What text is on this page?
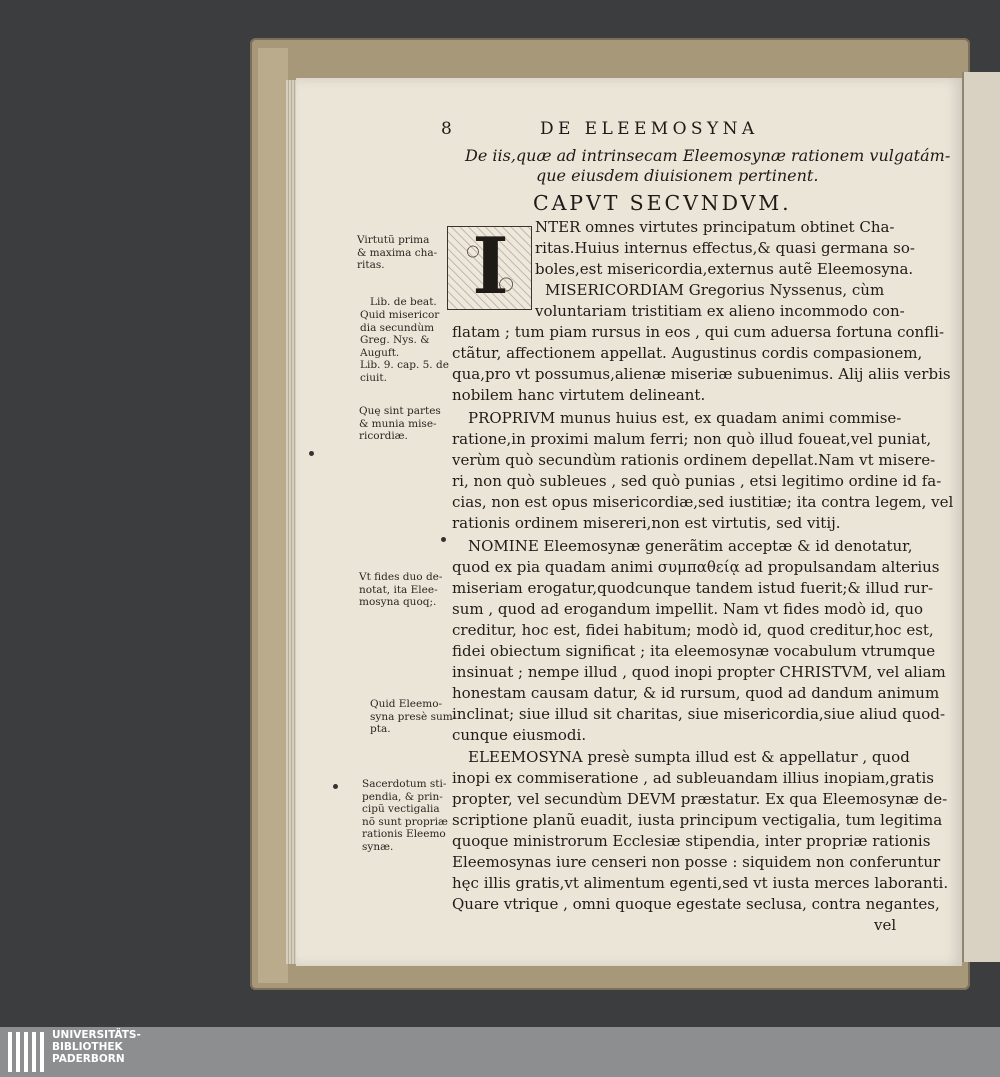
8	DE ELEEMOSYNA
De iis,quæ ad intrinsecam Eleemosynæ rationem vulgatám-
que eiusdem diuisionem pertinent.
CAPVT SECVNDVM.
I	NTER omnes virtutes principatum obtinet Cha-
ritas.Huius internus effectus,& quasi germana so-
boles,est misericordia,externus autẽ Eleemosyna.
MISERICORDIAM Gregorius Nyssenus, cùm
voluntariam tristitiam ex alieno incommodo con-
flatam ; tum piam rursus in eos , qui cum aduersa fortuna confli-
ctãtur, affectionem appellat. Augustinus cordis compasionem,
qua,pro vt possumus,alienæ miseriæ subuenimus. Alij aliis verbis
nobilem hanc virtutem delineant.
PROPRIVM munus huius est, ex quadam animi commise-
ratione,in proximi malum ferri; non quò illud foueat,vel puniat,
verùm quò secundùm rationis ordinem depellat.Nam vt misere-
ri, non quò subleues , sed quò punias , etsi legitimo ordine id fa-
cias, non est opus misericordiæ,sed iustitiæ; ita contra legem, vel
rationis ordinem misereri,non est virtutis, sed vitij.
NOMINE Eleemosynæ generãtim acceptæ & id denotatur,
quod ex pia quadam animi συμπαθείᾳ ad propulsandam alterius
miseriam erogatur,quodcunque tandem istud fuerit;& illud rur-
sum , quod ad erogandum impellit. Nam vt fides modò id, quo
creditur, hoc est, fidei habitum; modò id, quod creditur,hoc est,
fidei obiectum significat ; ita eleemosynæ vocabulum vtrumque
insinuat ; nempe illud , quod inopi propter CHRISTVM, vel aliam
honestam causam datur, & id rursum, quod ad dandum animum
inclinat; siue illud sit charitas, siue misericordia,siue aliud quod-
cunque eiusmodi.
ELEEMOSYNA presè sumpta illud est & appellatur , quod
inopi ex commiseratione , ad subleuandam illius inopiam,gratis
propter, vel secundùm DEVM præstatur. Ex qua Eleemosynæ de-
scriptione planũ euadit, iusta principum vectigalia, tum legitima
quoque ministrorum Ecclesiæ stipendia, inter propriæ rationis
Eleemosynas iure censeri non posse : siquidem non conferuntur
hęc illis gratis,vt alimentum egenti,sed vt iusta merces laboranti.
Quare vtrique , omni quoque egestate seclusa, contra negantes,
vel
Virtutũ prima
& maxima cha-
ritas.
Lib. de beat.
Quid misericor
dia secundùm
Greg. Nys. &
Auguft.
Lib. 9. cap. 5. de
ciuit.
Quę sint partes
& munia mise-
ricordiæ.
Vt fides duo de-
notat, ita Elee-
mosyna quoq;.
Quid Eleemo-
syna presè sum-
pta.
Sacerdotum sti-
pendia, & prin-
cipũ vectigalia
nõ sunt propriæ
rationis Eleemo
synæ.
UNIVERSITÄTS-
BIBLIOTHEK
PADERBORN
